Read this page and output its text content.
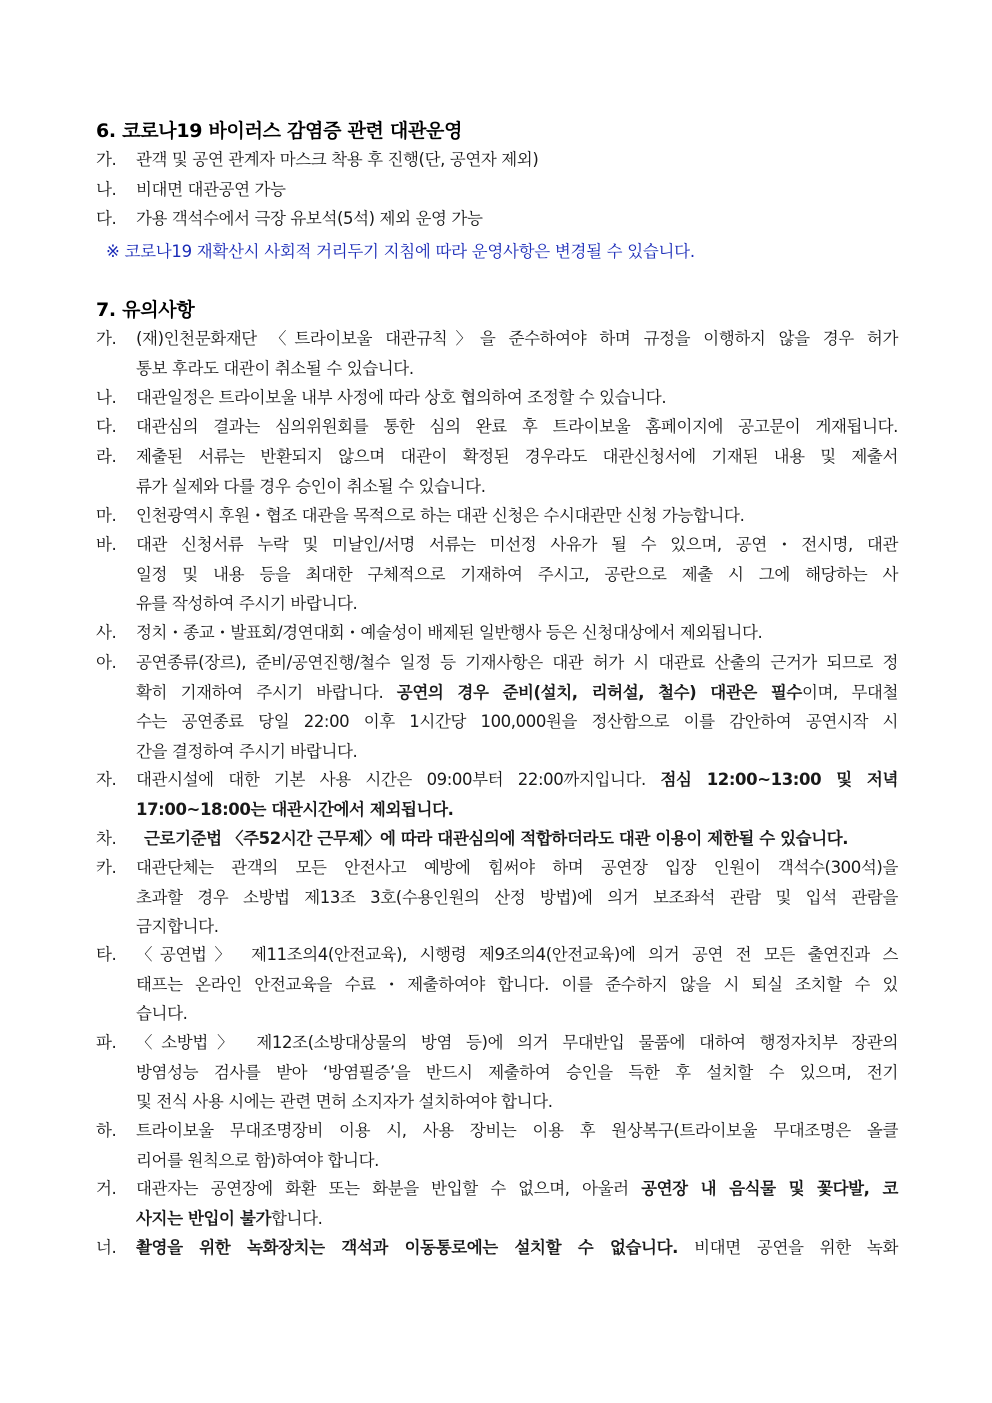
6. 코로나19 바이러스 감염증 관련 대관운영
가.	관객 및 공연 관계자 마스크 착용 후 진행(단, 공연자 제외)
나.	비대면 대관공연 가능
다.	가용 객석수에서 극장 유보석(5석) 제외 운영 가능
※ 코로나19 재확산시 사회적 거리두기 지침에 따라 운영사항은 변경될 수 있습니다.
7. 유의사항
가.	(재)인천문화재단 〈트라이보울 대관규칙〉을 준수하여야 하며 규정을 이행하지 않을 경우 허가
통보 후라도 대관이 취소될 수 있습니다.
나.	대관일정은 트라이보울 내부 사정에 따라 상호 협의하여 조정할 수 있습니다.
다.	대관심의 결과는 심의위원회를 통한 심의 완료 후 트라이보울 홈페이지에 공고문이 게재됩니다.
라.	제출된 서류는 반환되지 않으며 대관이 확정된 경우라도 대관신청서에 기재된 내용 및 제출서
류가 실제와 다를 경우 승인이 취소될 수 있습니다.
마.	인천광역시 후원・협조 대관을 목적으로 하는 대관 신청은 수시대관만 신청 가능합니다.
바.	대관 신청서류 누락 및 미날인/서명 서류는 미선정 사유가 될 수 있으며, 공연・전시명, 대관
일정 및 내용 등을 최대한 구체적으로 기재하여 주시고, 공란으로 제출 시 그에 해당하는 사
유를 작성하여 주시기 바랍니다.
사.	정치・종교・발표회/경연대회・예술성이 배제된 일반행사 등은 신청대상에서 제외됩니다.
아.	공연종류(장르), 준비/공연진행/철수 일정 등 기재사항은 대관 허가 시 대관료 산출의 근거가 되므로 정
확히 기재하여 주시기 바랍니다. 공연의 경우 준비(설치, 리허설, 철수) 대관은 필수이며, 무대철
수는 공연종료 당일 22:00 이후 1시간당 100,000원을 정산함으로 이를 감안하여 공연시작 시
간을 결정하여 주시기 바랍니다.
자.	대관시설에 대한 기본 사용 시간은 09:00부터 22:00까지입니다. 점심 12:00~13:00 및 저녁
17:00~18:00는 대관시간에서 제외됩니다.
차.	근로기준법 〈주52시간 근무제〉에 따라 대관심의에 적합하더라도 대관 이용이 제한될 수 있습니다.
카.	대관단체는 관객의 모든 안전사고 예방에 힘써야 하며 공연장 입장 인원이 객석수(300석)을
초과할 경우 소방법 제13조 3호(수용인원의 산정 방법)에 의거 보조좌석 관람 및 입석 관람을
금지합니다.
타.	〈공연법〉 제11조의4(안전교육), 시행령 제9조의4(안전교육)에 의거 공연 전 모든 출연진과 스
태프는 온라인 안전교육을 수료・제출하여야 합니다. 이를 준수하지 않을 시 퇴실 조치할 수 있
습니다.
파.	〈소방법〉 제12조(소방대상물의 방염 등)에 의거 무대반입 물품에 대하여 행정자치부 장관의
방염성능 검사를 받아 ‘방염필증’을 반드시 제출하여 승인을 득한 후 설치할 수 있으며, 전기
및 전식 사용 시에는 관련 면허 소지자가 설치하여야 합니다.
하.	트라이보울 무대조명장비 이용 시, 사용 장비는 이용 후 원상복구(트라이보울 무대조명은 올클
리어를 원칙으로 함)하여야 합니다.
거.	대관자는 공연장에 화환 또는 화분을 반입할 수 없으며, 아울러 공연장 내 음식물 및 꽃다발, 코
사지는 반입이 불가합니다.
너.	촬영을 위한 녹화장치는 객석과 이동통로에는 설치할 수 없습니다. 비대면 공연을 위한 녹화
